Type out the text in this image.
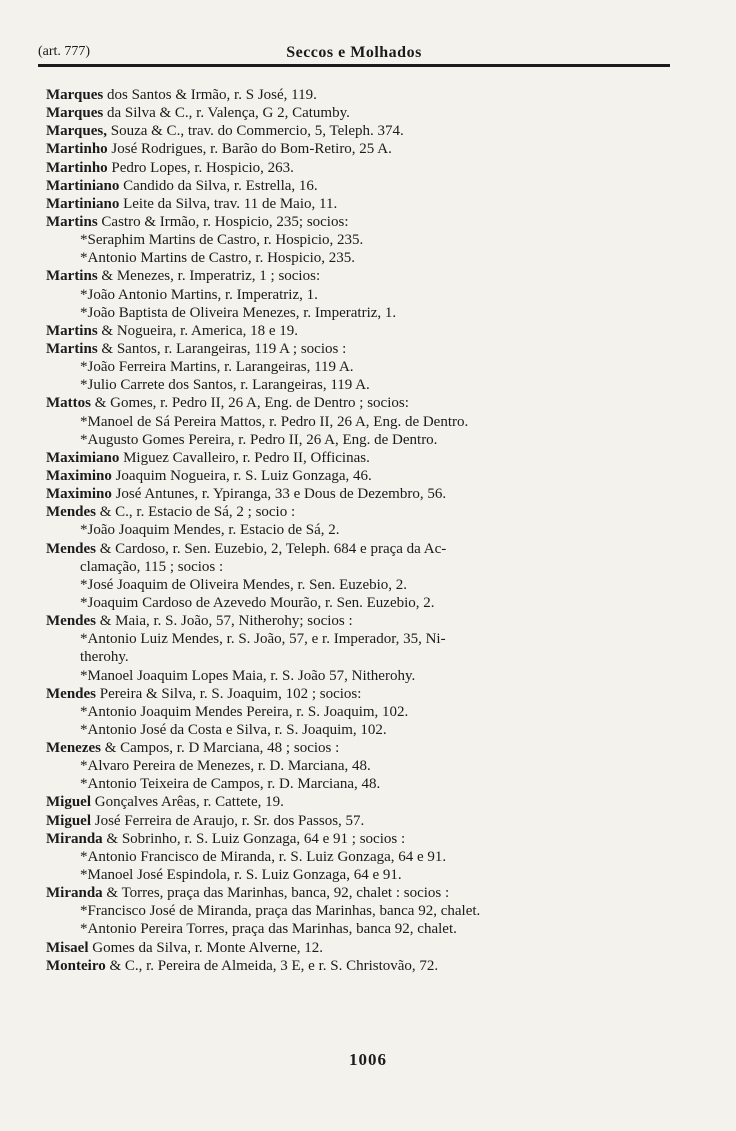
(art. 777)	Seccos e Molhados
Marques dos Santos & Irmão, r. S José, 119.
Marques da Silva & C., r. Valença, G 2, Catumby.
Marques, Souza & C., trav. do Commercio, 5, Teleph. 374.
Martinho José Rodrigues, r. Barão do Bom-Retiro, 25 A.
Martinho Pedro Lopes, r. Hospicio, 263.
Martiniano Candido da Silva, r. Estrella, 16.
Martiniano Leite da Silva, trav. 11 de Maio, 11.
Martins Castro & Irmão, r. Hospicio, 235; socios:
*Seraphim Martins de Castro, r. Hospicio, 235.
*Antonio Martins de Castro, r. Hospicio, 235.
Martins & Menezes, r. Imperatriz, 1 ; socios:
*João Antonio Martins, r. Imperatriz, 1.
*João Baptista de Oliveira Menezes, r. Imperatriz, 1.
Martins & Nogueira, r. America, 18 e 19.
Martins & Santos, r. Larangeiras, 119 A ; socios :
*João Ferreira Martins, r. Larangeiras, 119 A.
*Julio Carrete dos Santos, r. Larangeiras, 119 A.
Mattos & Gomes, r. Pedro II, 26 A, Eng. de Dentro ; socios:
*Manoel de Sá Pereira Mattos, r. Pedro II, 26 A, Eng. de Dentro.
*Augusto Gomes Pereira, r. Pedro II, 26 A, Eng. de Dentro.
Maximiano Miguez Cavalleiro, r. Pedro II, Officinas.
Maximino Joaquim Nogueira, r. S. Luiz Gonzaga, 46.
Maximino José Antunes, r. Ypiranga, 33 e Dous de Dezembro, 56.
Mendes & C., r. Estacio de Sá, 2 ; socio :
*João Joaquim Mendes, r. Estacio de Sá, 2.
Mendes & Cardoso, r. Sen. Euzebio, 2, Teleph. 684 e praça da Ac-
clamação, 115 ; socios :
*José Joaquim de Oliveira Mendes, r. Sen. Euzebio, 2.
*Joaquim Cardoso de Azevedo Mourão, r. Sen. Euzebio, 2.
Mendes & Maia, r. S. João, 57, Nitherohy; socios :
*Antonio Luiz Mendes, r. S. João, 57, e r. Imperador, 35, Ni-
therohy.
*Manoel Joaquim Lopes Maia, r. S. João 57, Nitherohy.
Mendes Pereira & Silva, r. S. Joaquim, 102 ; socios:
*Antonio Joaquim Mendes Pereira, r. S. Joaquim, 102.
*Antonio José da Costa e Silva, r. S. Joaquim, 102.
Menezes & Campos, r. D Marciana, 48 ; socios :
*Alvaro Pereira de Menezes, r. D. Marciana, 48.
*Antonio Teixeira de Campos, r. D. Marciana, 48.
Miguel Gonçalves Arêas, r. Cattete, 19.
Miguel José Ferreira de Araujo, r. Sr. dos Passos, 57.
Miranda & Sobrinho, r. S. Luiz Gonzaga, 64 e 91 ; socios :
*Antonio Francisco de Miranda, r. S. Luiz Gonzaga, 64 e 91.
*Manoel José Espindola, r. S. Luiz Gonzaga, 64 e 91.
Miranda & Torres, praça das Marinhas, banca, 92, chalet : socios :
*Francisco José de Miranda, praça das Marinhas, banca 92, chalet.
*Antonio Pereira Torres, praça das Marinhas, banca 92, chalet.
Misael Gomes da Silva, r. Monte Alverne, 12.
Monteiro & C., r. Pereira de Almeida, 3 E, e r. S. Christovão, 72.
1006
